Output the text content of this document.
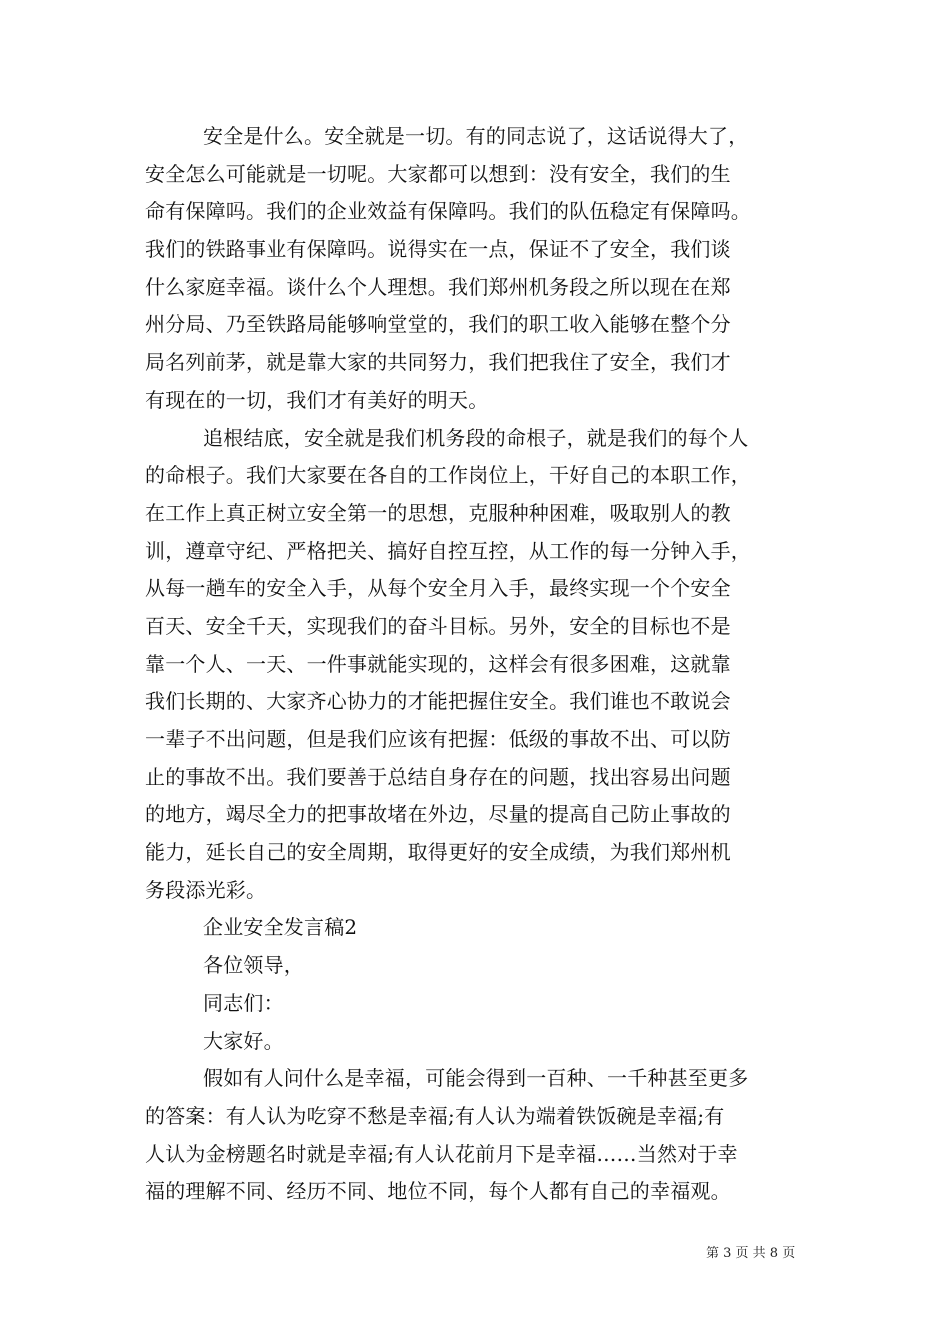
安全是什么。安全就是一切。有的同志说了，这话说得大了，
安全怎么可能就是一切呢。大家都可以想到：没有安全，我们的生
命有保障吗。我们的企业效益有保障吗。我们的队伍稳定有保障吗。
我们的铁路事业有保障吗。说得实在一点，保证不了安全，我们谈
什么家庭幸福。谈什么个人理想。我们郑州机务段之所以现在在郑
州分局、乃至铁路局能够响堂堂的，我们的职工收入能够在整个分
局名列前茅，就是靠大家的共同努力，我们把我住了安全，我们才
有现在的一切，我们才有美好的明天。
追根结底，安全就是我们机务段的命根子，就是我们的每个人
的命根子。我们大家要在各自的工作岗位上，干好自己的本职工作，
在工作上真正树立安全第一的思想，克服种种困难，吸取别人的教
训，遵章守纪、严格把关、搞好自控互控，从工作的每一分钟入手，
从每一趟车的安全入手，从每个安全月入手，最终实现一个个安全
百天、安全千天，实现我们的奋斗目标。另外，安全的目标也不是
靠一个人、一天、一件事就能实现的，这样会有很多困难，这就靠
我们长期的、大家齐心协力的才能把握住安全。我们谁也不敢说会
一辈子不出问题，但是我们应该有把握：低级的事故不出、可以防
止的事故不出。我们要善于总结自身存在的问题，找出容易出问题
的地方，竭尽全力的把事故堵在外边，尽量的提高自己防止事故的
能力，延长自己的安全周期，取得更好的安全成绩，为我们郑州机
务段添光彩。
企业安全发言稿2
各位领导，
同志们：
大家好。
假如有人问什么是幸福，可能会得到一百种、一千种甚至更多
的答案：有人认为吃穿不愁是幸福;有人认为端着铁饭碗是幸福;有
人认为金榜题名时就是幸福;有人认花前月下是幸福……当然对于幸
福的理解不同、经历不同、地位不同，每个人都有自己的幸福观。
第 3 页 共 8 页
